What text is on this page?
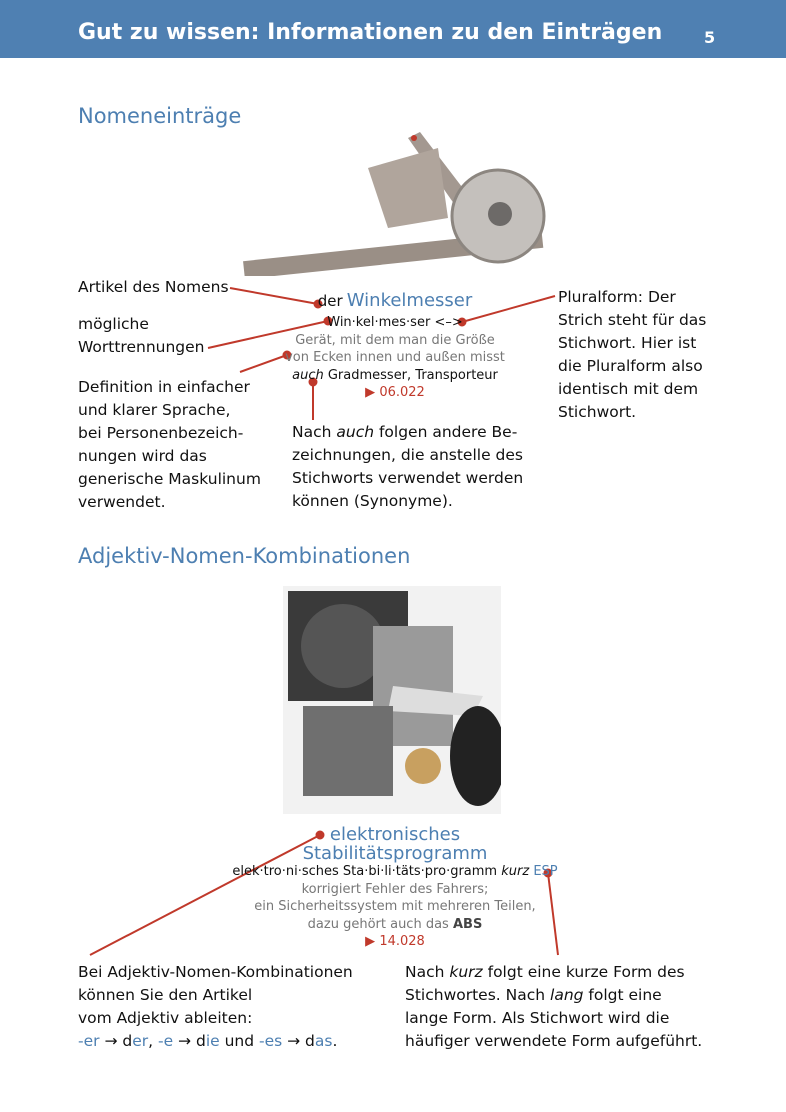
Gut zu wissen: Informationen zu den Einträgen	5
Nomeneinträge
Artikel des Nomens
mögliche
Worttrennungen
Definition in einfacher
und klarer Sprache,
bei Personenbezeich-
nungen wird das
generische Maskulinum
verwendet.
Nach auch folgen andere Be-
zeichnungen, die anstelle des
Stichworts verwendet werden
können (Synonyme).
Pluralform: Der
Strich steht für das
Stichwort. Hier ist
die Pluralform also
identisch mit dem
Stichwort.
der Winkelmesser
Win·kel·mes·ser <–>
Gerät, mit dem man die Größe
von Ecken innen und außen misst
auch Gradmesser, Transporteur
▶ 06.022
Adjektiv-Nomen-Kombinationen
elektronisches
Stabilitätsprogramm
elek·tro·ni·sches Sta·bi·li·täts·pro·gramm kurz ESP
korrigiert Fehler des Fahrers;
ein Sicherheitssystem mit mehreren Teilen,
dazu gehört auch das ABS
▶ 14.028
Bei Adjektiv-Nomen-Kombinationen
können Sie den Artikel
vom Adjektiv ableiten:
-er → der, -e → die und -es → das.
Nach kurz folgt eine kurze Form des
Stichwortes. Nach lang folgt eine
lange Form. Als Stichwort wird die
häufiger verwendete Form aufgeführt.
